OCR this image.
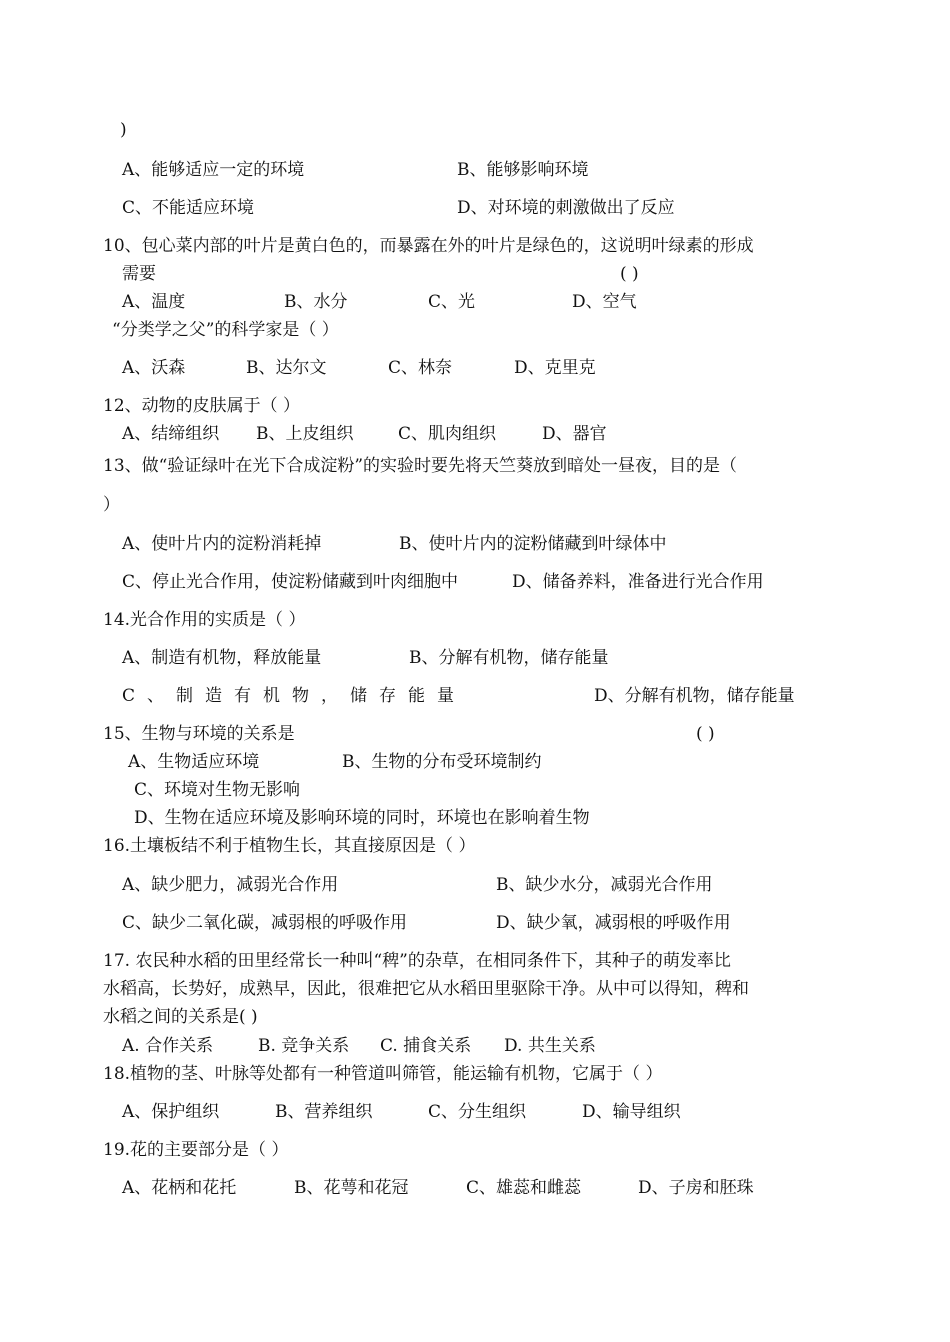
)
A、能够适应一定的环境	B、能够影响环境
C、不能适应环境	D、对环境的刺激做出了反应
10、包心菜内部的叶片是黄白色的，而暴露在外的叶片是绿色的，这说明叶绿素的形成
需要	( )
A、温度	B、水分	C、光	D、空气
“分类学之父”的科学家是（ ）
A、沃森	B、达尔文	C、林奈	D、克里克
12、动物的皮肤属于（ ）
A、结缔组织 B、上皮组织	C、肌肉组织	D、器官
13、做“验证绿叶在光下合成淀粉”的实验时要先将天竺葵放到暗处一昼夜，目的是（
）
A、使叶片内的淀粉消耗掉	B、使叶片内的淀粉储藏到叶绿体中
C、停止光合作用，使淀粉储藏到叶肉细胞中	D、储备养料，准备进行光合作用
14.光合作用的实质是（ ）
A、制造有机物，释放能量	B、分解有机物，储存能量
C、制造有机物，储存能量	D、分解有机物，储存能量
15、生物与环境的关系是	( )
A、生物适应环境	B、生物的分布受环境制约
C、环境对生物无影响
D、生物在适应环境及影响环境的同时，环境也在影响着生物
16.土壤板结不利于植物生长，其直接原因是（ ）
A、缺少肥力，减弱光合作用	B、缺少水分，减弱光合作用
C、缺少二氧化碳，减弱根的呼吸作用	D、缺少氧，减弱根的呼吸作用
17. 农民种水稻的田里经常长一种叫“稗”的杂草，在相同条件下，其种子的萌发率比
水稻高，长势好，成熟早，因此，很难把它从水稻田里驱除干净。从中可以得知，稗和
水稻之间的关系是( )
A. 合作关系	B. 竞争关系 C. 捕食关系 D. 共生关系
18.植物的茎、叶脉等处都有一种管道叫筛管，能运输有机物，它属于（ ）
A、保护组织	B、营养组织	C、分生组织	D、输导组织
19.花的主要部分是（ ）
A、花柄和花托	B、花萼和花冠	C、雄蕊和雌蕊	D、子房和胚珠
